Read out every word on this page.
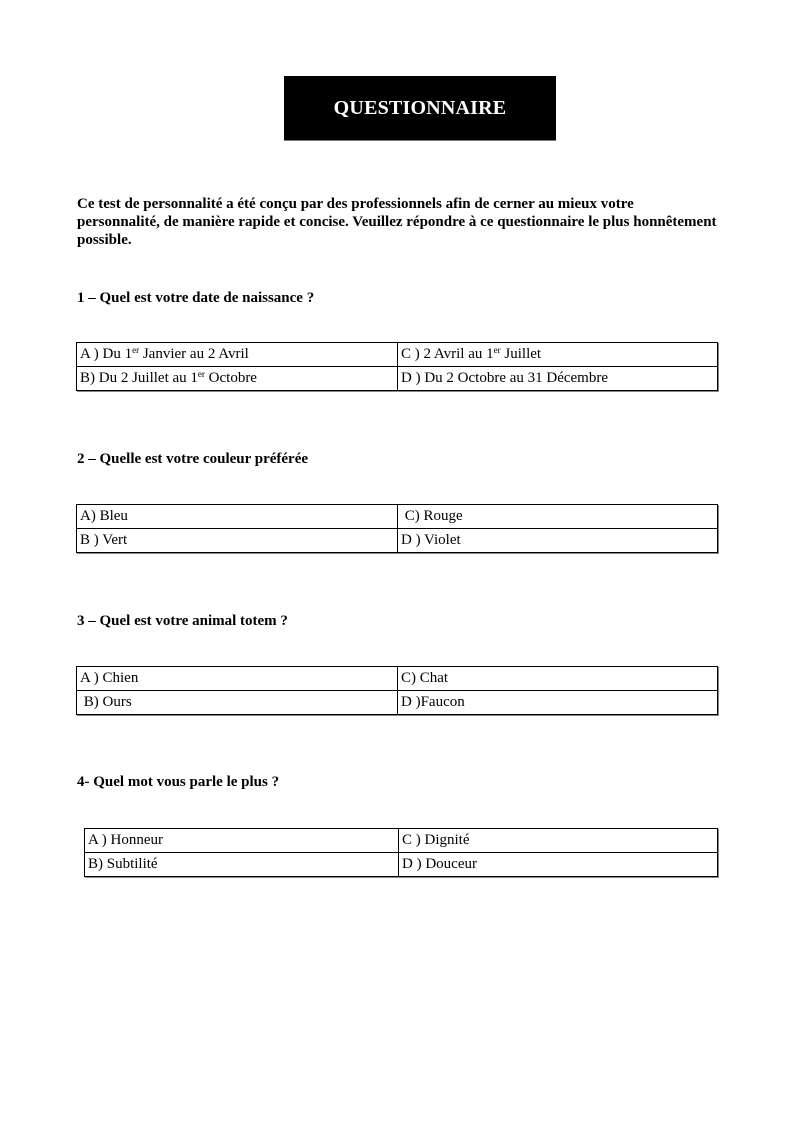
QUESTIONNAIRE

Ce test de personnalité a été conçu par des professionnels afin de cerner au mieux votre personnalité, de manière rapide et concise. Veuillez répondre à ce questionnaire le plus honnêtement possible.

1 – Quel est votre date de naissance ?

A ) Du 1er Janvier au 2 Avril	C ) 2 Avril au 1er Juillet
B) Du 2 Juillet au 1er Octobre	D ) Du 2 Octobre au 31 Décembre

2 – Quelle est votre couleur préférée

A) Bleu	C) Rouge
B ) Vert	D ) Violet

3 – Quel est votre animal totem ?

A ) Chien	C) Chat
B) Ours	D )Faucon

4- Quel mot vous parle le plus ?

A ) Honneur	C ) Dignité
B) Subtilité	D ) Douceur
